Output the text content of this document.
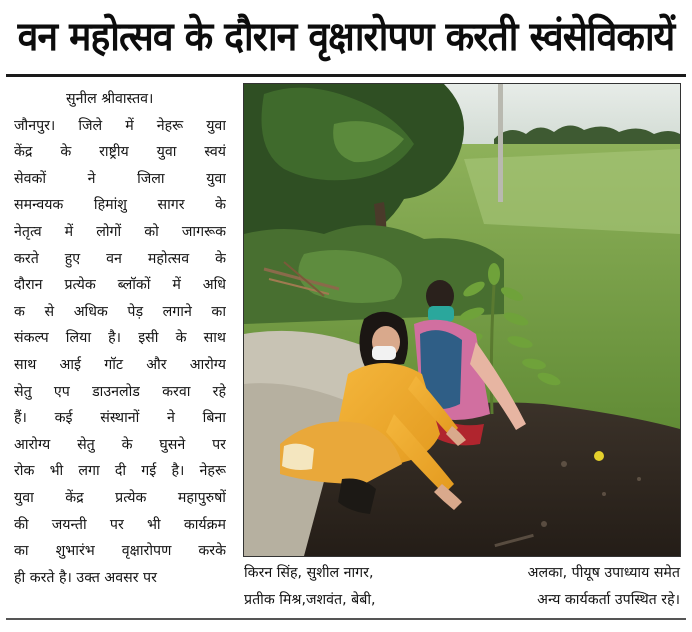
वन महोत्सव के दौरान वृक्षारोपण करती स्वंसेविकायें
सुनील श्रीवास्तव।
जौनपुर। जिले में नेहरू युवा
केंद्र के राष्ट्रीय युवा स्वयं
सेवकों ने जिला युवा
समन्वयक हिमांशु सागर के
नेतृत्व में लोगों को जागरूक
करते हुए वन महोत्सव के
दौरान प्रत्येक ब्लॉकों में अधि
क से अधिक पेड़ लगाने का
संकल्प लिया है। इसी के साथ
साथ आई गॉट और आरोग्य
सेतु एप डाउनलोड करवा रहे
हैं। कई संस्थानों ने बिना
आरोग्य सेतु के घुसने पर
रोक भी लगा दी गई है। नेहरू
युवा केंद्र प्रत्येक महापुरुषों
की जयन्ती पर भी कार्यक्रम
का शुभारंभ वृक्षारोपण करके
ही करते है। उक्त अवसर पर	किरन सिंह, सुशील नागर,	अलका, पीयूष उपाध्याय समेत
प्रतीक मिश्र,जशवंत, बेबी,	अन्य कार्यकर्ता उपस्थित रहे।
